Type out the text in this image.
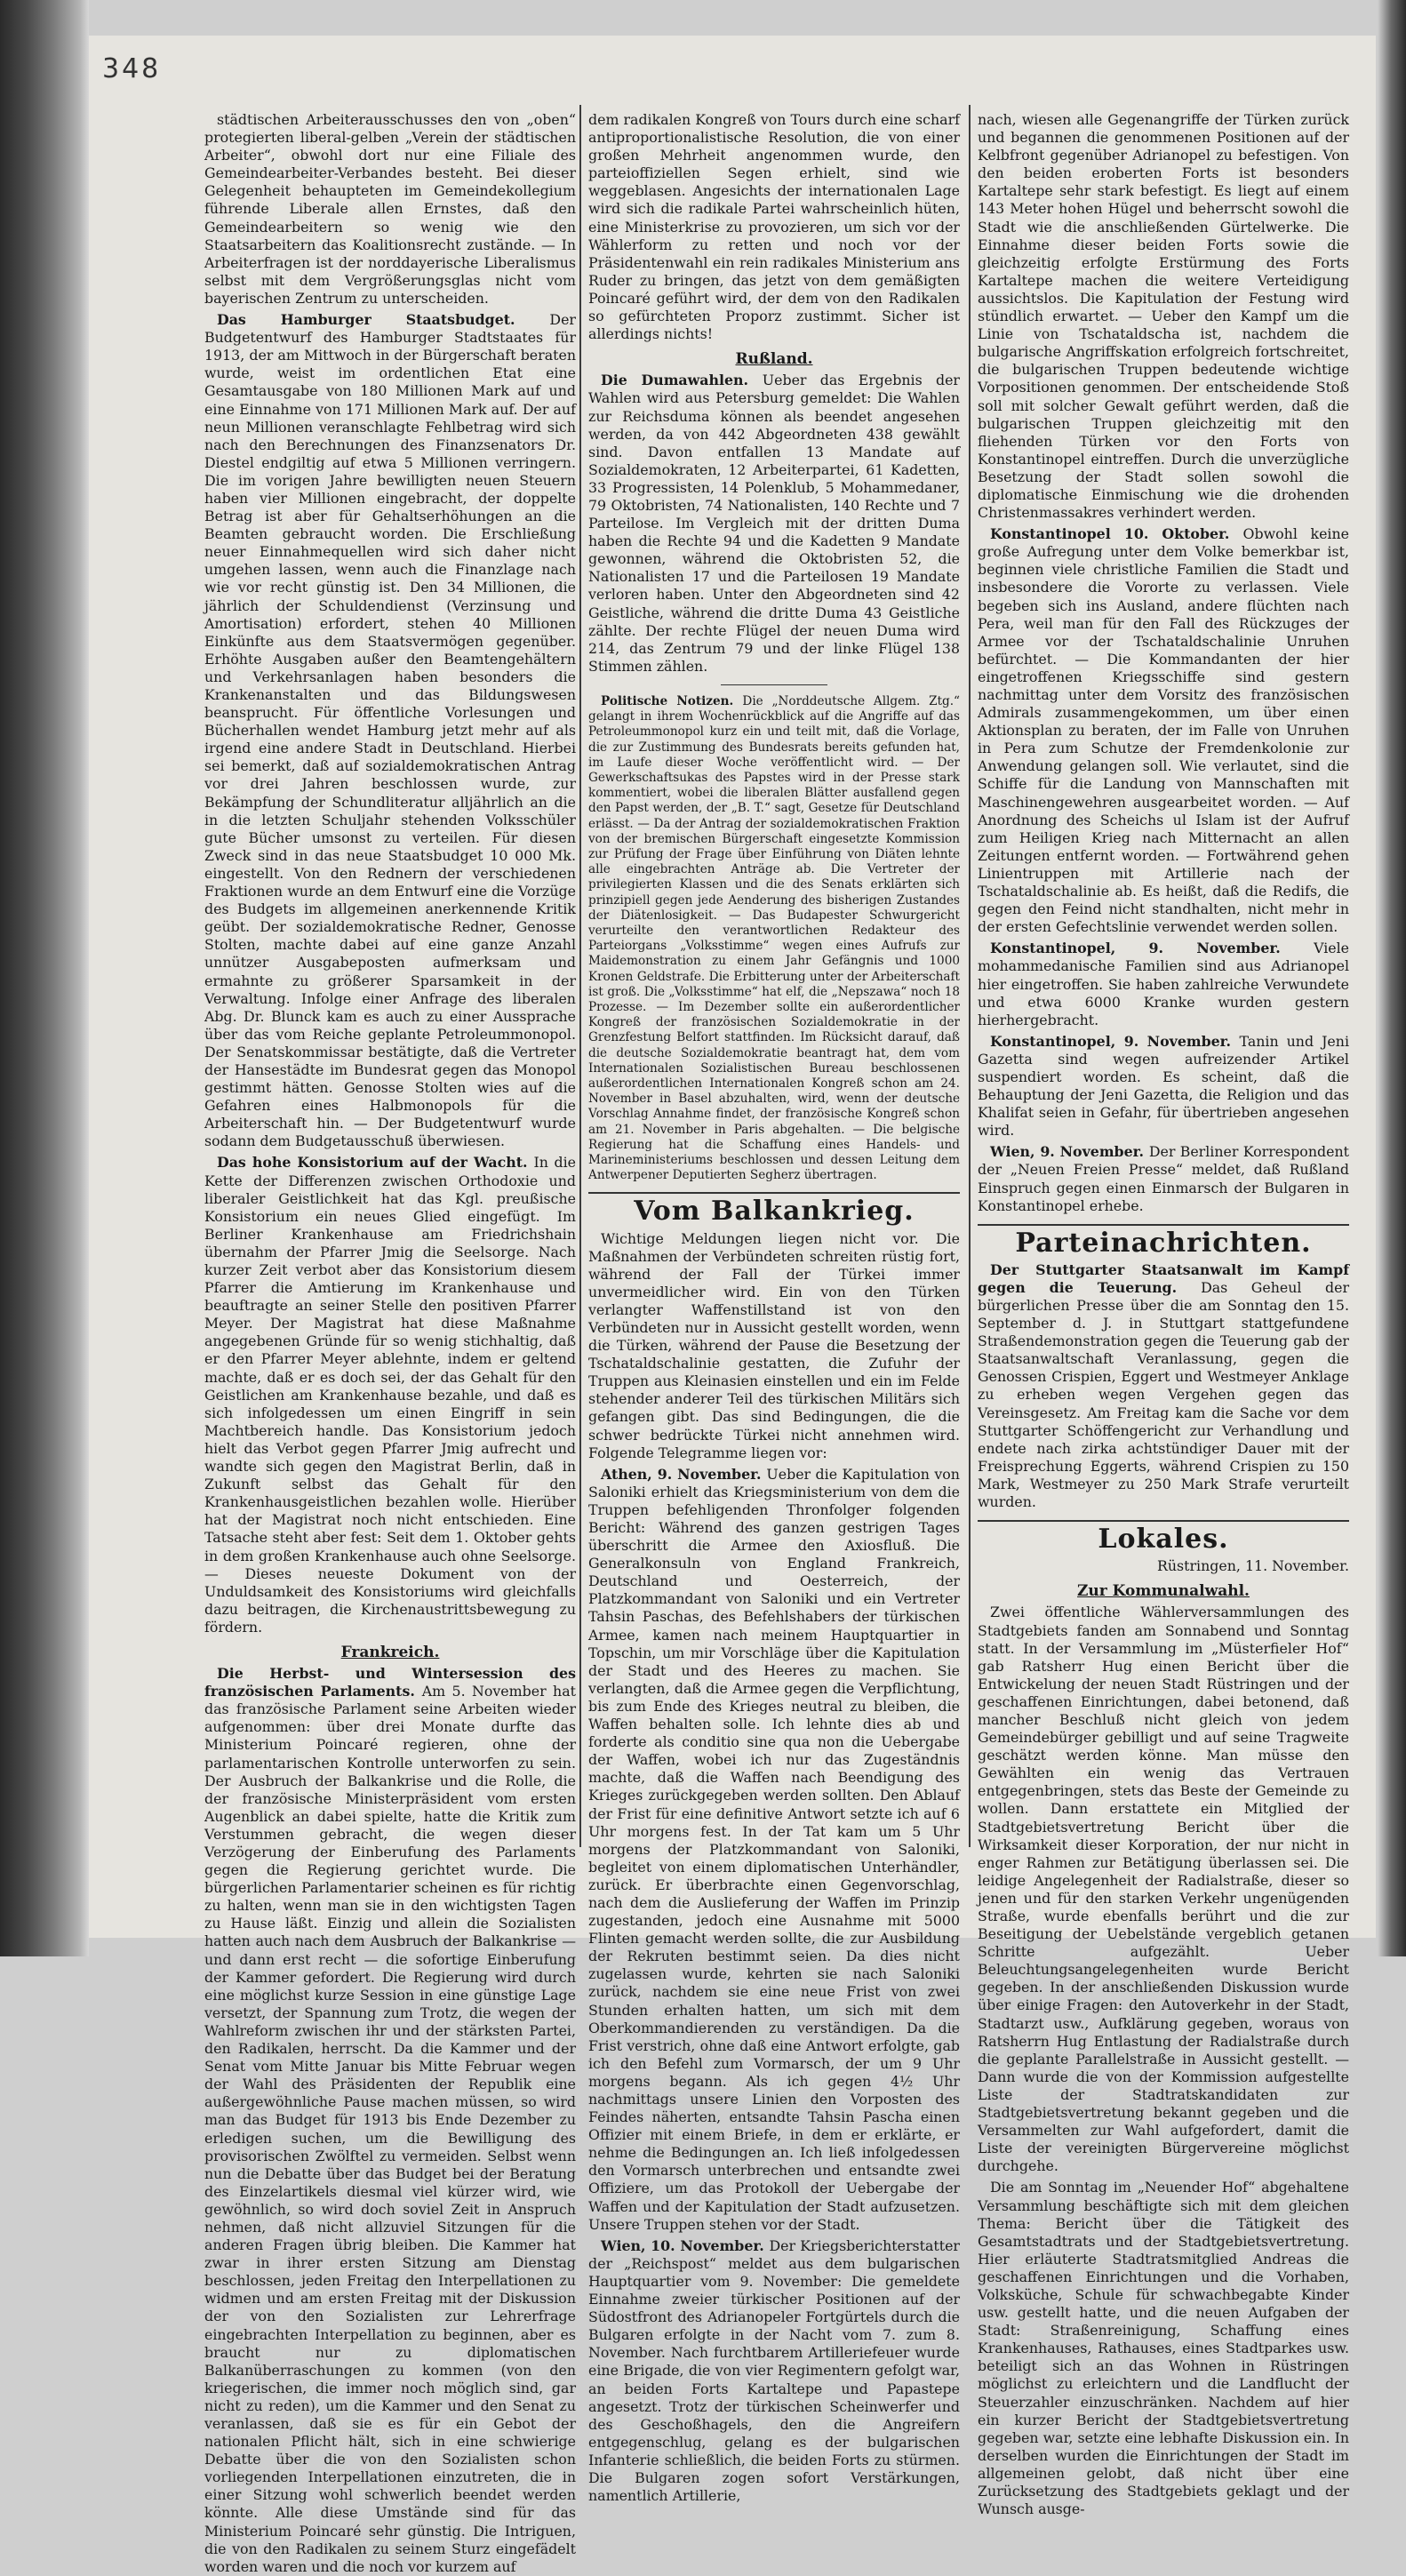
348

städtischen Arbeiterausschusses den von „oben“ protegierten liberal-gelben „Verein der städtischen Arbeiter“, obwohl dort nur eine Filiale des Gemeindearbeiter-Verbandes besteht. Bei dieser Gelegenheit behaupteten im Gemeindekollegium führende Liberale allen Ernstes, daß den Gemeindearbeitern so wenig wie den Staatsarbeitern das Koalitionsrecht zustände. — In Arbeiterfragen ist der norddayerische Liberalismus selbst mit dem Vergrößerungsglas nicht vom bayerischen Zentrum zu unterscheiden.

Das Hamburger Staatsbudget. Der Budgetentwurf des Hamburger Stadtstaates für 1913, der am Mittwoch in der Bürgerschaft beraten wurde, weist im ordentlichen Etat eine Gesamtausgabe von 180 Millionen Mark auf und eine Einnahme von 171 Millionen Mark auf. Der auf neun Millionen veranschlagte Fehlbetrag wird sich nach den Berechnungen des Finanzsenators Dr. Diestel endgiltig auf etwa 5 Millionen verringern. Die im vorigen Jahre bewilligten neuen Steuern haben vier Millionen eingebracht, der doppelte Betrag ist aber für Gehaltserhöhungen an die Beamten gebraucht worden. Die Erschließung neuer Einnahmequellen wird sich daher nicht umgehen lassen, wenn auch die Finanzlage nach wie vor recht günstig ist. Den 34 Millionen, die jährlich der Schuldendienst (Verzinsung und Amortisation) erfordert, stehen 40 Millionen Einkünfte aus dem Staatsvermögen gegenüber. Erhöhte Ausgaben außer den Beamtengehältern und Verkehrsanlagen haben besonders die Krankenanstalten und das Bildungswesen beansprucht. Für öffentliche Vorlesungen und Bücherhallen wendet Hamburg jetzt mehr auf als irgend eine andere Stadt in Deutschland. Hierbei sei bemerkt, daß auf sozialdemokratischen Antrag vor drei Jahren beschlossen wurde, zur Bekämpfung der Schundliteratur alljährlich an die in die letzten Schuljahr stehenden Volksschüler gute Bücher umsonst zu verteilen. Für diesen Zweck sind in das neue Staatsbudget 10 000 Mk. eingestellt. Von den Rednern der verschiedenen Fraktionen wurde an dem Entwurf eine die Vorzüge des Budgets im allgemeinen anerkennende Kritik geübt. Der sozialdemokratische Redner, Genosse Stolten, machte dabei auf eine ganze Anzahl unnützer Ausgabeposten aufmerksam und ermahnte zu größerer Sparsamkeit in der Verwaltung. Infolge einer Anfrage des liberalen Abg. Dr. Blunck kam es auch zu einer Aussprache über das vom Reiche geplante Petroleummonopol. Der Senatskommissar bestätigte, daß die Vertreter der Hansestädte im Bundesrat gegen das Monopol gestimmt hätten. Genosse Stolten wies auf die Gefahren eines Halbmonopols für die Arbeiterschaft hin. — Der Budgetentwurf wurde sodann dem Budgetausschuß überwiesen.

Das hohe Konsistorium auf der Wacht. In die Kette der Differenzen zwischen Orthodoxie und liberaler Geistlichkeit hat das Kgl. preußische Konsistorium ein neues Glied eingefügt. Im Berliner Krankenhause am Friedrichshain übernahm der Pfarrer Jmig die Seelsorge. Nach kurzer Zeit verbot aber das Konsistorium diesem Pfarrer die Amtierung im Krankenhause und beauftragte an seiner Stelle den positiven Pfarrer Meyer. Der Magistrat hat diese Maßnahme angegebenen Gründe für so wenig stichhaltig, daß er den Pfarrer Meyer ablehnte, indem er geltend machte, daß er es doch sei, der das Gehalt für den Geistlichen am Krankenhause bezahle, und daß es sich infolgedessen um einen Eingriff in sein Machtbereich handle. Das Konsistorium jedoch hielt das Verbot gegen Pfarrer Jmig aufrecht und wandte sich gegen den Magistrat Berlin, daß in Zukunft selbst das Gehalt für den Krankenhausgeistlichen bezahlen wolle. Hierüber hat der Magistrat noch nicht entschieden. Eine Tatsache steht aber fest: Seit dem 1. Oktober gehts in dem großen Krankenhause auch ohne Seelsorge. — Dieses neueste Dokument von der Unduldsamkeit des Konsistoriums wird gleichfalls dazu beitragen, die Kirchenaustrittsbewegung zu fördern.

Frankreich.

Die Herbst- und Wintersession des französischen Parlaments. Am 5. November hat das französische Parlament seine Arbeiten wieder aufgenommen: über drei Monate durfte das Ministerium Poincaré regieren, ohne der parlamentarischen Kontrolle unterworfen zu sein. Der Ausbruch der Balkankrise und die Rolle, die der französische Ministerpräsident vom ersten Augenblick an dabei spielte, hatte die Kritik zum Verstummen gebracht, die wegen dieser Verzögerung der Einberufung des Parlaments gegen die Regierung gerichtet wurde. Die bürgerlichen Parlamentarier scheinen es für richtig zu halten, wenn man sie in den wichtigsten Tagen zu Hause läßt. Einzig und allein die Sozialisten hatten auch nach dem Ausbruch der Balkankrise — und dann erst recht — die sofortige Einberufung der Kammer gefordert. Die Regierung wird durch eine möglichst kurze Session in eine günstige Lage versetzt, der Spannung zum Trotz, die wegen der Wahlreform zwischen ihr und der stärksten Partei, den Radikalen, herrscht. Da die Kammer und der Senat vom Mitte Januar bis Mitte Februar wegen der Wahl des Präsidenten der Republik eine außergewöhnliche Pause machen müssen, so wird man das Budget für 1913 bis Ende Dezember zu erledigen suchen, um die Bewilligung des provisorischen Zwölftel zu vermeiden. Selbst wenn nun die Debatte über das Budget bei der Beratung des Einzelartikels diesmal viel kürzer wird, wie gewöhnlich, so wird doch soviel Zeit in Anspruch nehmen, daß nicht allzuviel Sitzungen für die anderen Fragen übrig bleiben. Die Kammer hat zwar in ihrer ersten Sitzung am Dienstag beschlossen, jeden Freitag den Interpellationen zu widmen und am ersten Freitag mit der Diskussion der von den Sozialisten zur Lehrerfrage eingebrachten Interpellation zu beginnen, aber es braucht nur zu diplomatischen Balkanüberraschungen zu kommen (von den kriegerischen, die immer noch möglich sind, gar nicht zu reden), um die Kammer und den Senat zu veranlassen, daß sie es für ein Gebot der nationalen Pflicht hält, sich in eine schwierige Debatte über die von den Sozialisten schon vorliegenden Interpellationen einzutreten, die in einer Sitzung wohl schwerlich beendet werden könnte. Alle diese Umstände sind für das Ministerium Poincaré sehr günstig. Die Intriguen, die von den Radikalen zu seinem Sturz eingefädelt worden waren und die noch vor kurzem auf

dem radikalen Kongreß von Tours durch eine scharf antiproportionalistische Resolution, die von einer großen Mehrheit angenommen wurde, den parteioffiziellen Segen erhielt, sind wie weggeblasen. Angesichts der internationalen Lage wird sich die radikale Partei wahrscheinlich hüten, eine Ministerkrise zu provozieren, um sich vor der Wählerform zu retten und noch vor der Präsidentenwahl ein rein radikales Ministerium ans Ruder zu bringen, das jetzt von dem gemäßigten Poincaré geführt wird, der dem von den Radikalen so gefürchteten Proporz zustimmt. Sicher ist allerdings nichts!

Rußland.

Die Dumawahlen. Ueber das Ergebnis der Wahlen wird aus Petersburg gemeldet: Die Wahlen zur Reichsduma können als beendet angesehen werden, da von 442 Abgeordneten 438 gewählt sind. Davon entfallen 13 Mandate auf Sozialdemokraten, 12 Arbeiterpartei, 61 Kadetten, 33 Progressisten, 14 Polenklub, 5 Mohammedaner, 79 Oktobristen, 74 Nationalisten, 140 Rechte und 7 Parteilose. Im Vergleich mit der dritten Duma haben die Rechte 94 und die Kadetten 9 Mandate gewonnen, während die Oktobristen 52, die Nationalisten 17 und die Parteilosen 19 Mandate verloren haben. Unter den Abgeordneten sind 42 Geistliche, während die dritte Duma 43 Geistliche zählte. Der rechte Flügel der neuen Duma wird 214, das Zentrum 79 und der linke Flügel 138 Stimmen zählen.

Politische Notizen. Die „Norddeutsche Allgem. Ztg.“ gelangt in ihrem Wochenrückblick auf die Angriffe auf das Petroleummonopol kurz ein und teilt mit, daß die Vorlage, die zur Zustimmung des Bundesrats bereits gefunden hat, im Laufe dieser Woche veröffentlicht wird. — Der Gewerkschaftsukas des Papstes wird in der Presse stark kommentiert, wobei die liberalen Blätter ausfallend gegen den Papst werden, der „B. T.“ sagt, Gesetze für Deutschland erlässt. — Da der Antrag der sozialdemokratischen Fraktion von der bremischen Bürgerschaft eingesetzte Kommission zur Prüfung der Frage über Einführung von Diäten lehnte alle eingebrachten Anträge ab. Die Vertreter der privilegierten Klassen und die des Senats erklärten sich prinzipiell gegen jede Aenderung des bisherigen Zustandes der Diätenlosigkeit. — Das Budapester Schwurgericht verurteilte den verantwortlichen Redakteur des Parteiorgans „Volksstimme“ wegen eines Aufrufs zur Maidemonstration zu einem Jahr Gefängnis und 1000 Kronen Geldstrafe. Die Erbitterung unter der Arbeiterschaft ist groß. Die „Volksstimme“ hat elf, die „Nepszawa“ noch 18 Prozesse. — Im Dezember sollte ein außerordentlicher Kongreß der französischen Sozialdemokratie in der Grenzfestung Belfort stattfinden. Im Rücksicht darauf, daß die deutsche Sozialdemokratie beantragt hat, dem vom Internationalen Sozialistischen Bureau beschlossenen außerordentlichen Internationalen Kongreß schon am 24. November in Basel abzuhalten, wird, wenn der deutsche Vorschlag Annahme findet, der französische Kongreß schon am 21. November in Paris abgehalten. — Die belgische Regierung hat die Schaffung eines Handels- und Marineministeriums beschlossen und dessen Leitung dem Antwerpener Deputierten Segherz übertragen.

Vom Balkankrieg.

Wichtige Meldungen liegen nicht vor. Die Maßnahmen der Verbündeten schreiten rüstig fort, während der Fall der Türkei immer unvermeidlicher wird. Ein von den Türken verlangter Waffenstillstand ist von den Verbündeten nur in Aussicht gestellt worden, wenn die Türken, während der Pause die Besetzung der Tschataldschalinie gestatten, die Zufuhr der Truppen aus Kleinasien einstellen und ein im Felde stehender anderer Teil des türkischen Militärs sich gefangen gibt. Das sind Bedingungen, die die schwer bedrückte Türkei nicht annehmen wird. Folgende Telegramme liegen vor:

Athen, 9. November. Ueber die Kapitulation von Saloniki erhielt das Kriegsministerium von dem die Truppen befehligenden Thronfolger folgenden Bericht: Während des ganzen gestrigen Tages überschritt die Armee den Axiosfluß. Die Generalkonsuln von England Frankreich, Deutschland und Oesterreich, der Platzkommandant von Saloniki und ein Vertreter Tahsin Paschas, des Befehlshabers der türkischen Armee, kamen nach meinem Hauptquartier in Topschin, um mir Vorschläge über die Kapitulation der Stadt und des Heeres zu machen. Sie verlangten, daß die Armee gegen die Verpflichtung, bis zum Ende des Krieges neutral zu bleiben, die Waffen behalten solle. Ich lehnte dies ab und forderte als conditio sine qua non die Uebergabe der Waffen, wobei ich nur das Zugeständnis machte, daß die Waffen nach Beendigung des Krieges zurückgegeben werden sollten. Den Ablauf der Frist für eine definitive Antwort setzte ich auf 6 Uhr morgens fest. In der Tat kam um 5 Uhr morgens der Platzkommandant von Saloniki, begleitet von einem diplomatischen Unterhändler, zurück. Er überbrachte einen Gegenvorschlag, nach dem die Auslieferung der Waffen im Prinzip zugestanden, jedoch eine Ausnahme mit 5000 Flinten gemacht werden sollte, die zur Ausbildung der Rekruten bestimmt seien. Da dies nicht zugelassen wurde, kehrten sie nach Saloniki zurück, nachdem sie eine neue Frist von zwei Stunden erhalten hatten, um sich mit dem Oberkommandierenden zu verständigen. Da die Frist verstrich, ohne daß eine Antwort erfolgte, gab ich den Befehl zum Vormarsch, der um 9 Uhr morgens begann. Als ich gegen 4½ Uhr nachmittags unsere Linien den Vorposten des Feindes näherten, entsandte Tahsin Pascha einen Offizier mit einem Briefe, in dem er erklärte, er nehme die Bedingungen an. Ich ließ infolgedessen den Vormarsch unterbrechen und entsandte zwei Offiziere, um das Protokoll der Uebergabe der Waffen und der Kapitulation der Stadt aufzusetzen. Unsere Truppen stehen vor der Stadt.

Wien, 10. November. Der Kriegsberichterstatter der „Reichspost“ meldet aus dem bulgarischen Hauptquartier vom 9. November: Die gemeldete Einnahme zweier türkischer Positionen auf der Südostfront des Adrianopeler Fortgürtels durch die Bulgaren erfolgte in der Nacht vom 7. zum 8. November. Nach furchtbarem Artilleriefeuer wurde eine Brigade, die von vier Regimentern gefolgt war, an beiden Forts Kartaltepe und Papastepe angesetzt. Trotz der türkischen Scheinwerfer und des Geschoßhagels, den die Angreifern entgegenschlug, gelang es der bulgarischen Infanterie schließlich, die beiden Forts zu stürmen. Die Bulgaren zogen sofort Verstärkungen, namentlich Artillerie,

nach, wiesen alle Gegenangriffe der Türken zurück und begannen die genommenen Positionen auf der Kelbfront gegenüber Adrianopel zu befestigen. Von den beiden eroberten Forts ist besonders Kartaltepe sehr stark befestigt. Es liegt auf einem 143 Meter hohen Hügel und beherrscht sowohl die Stadt wie die anschließenden Gürtelwerke. Die Einnahme dieser beiden Forts sowie die gleichzeitig erfolgte Erstürmung des Forts Kartaltepe machen die weitere Verteidigung aussichtslos. Die Kapitulation der Festung wird stündlich erwartet. — Ueber den Kampf um die Linie von Tschataldscha ist, nachdem die bulgarische Angriffskation erfolgreich fortschreitet, die bulgarischen Truppen bedeutende wichtige Vorpositionen genommen. Der entscheidende Stoß soll mit solcher Gewalt geführt werden, daß die bulgarischen Truppen gleichzeitig mit den fliehenden Türken vor den Forts von Konstantinopel eintreffen. Durch die unverzügliche Besetzung der Stadt sollen sowohl die diplomatische Einmischung wie die drohenden Christenmassakres verhindert werden.

Konstantinopel 10. Oktober. Obwohl keine große Aufregung unter dem Volke bemerkbar ist, beginnen viele christliche Familien die Stadt und insbesondere die Vororte zu verlassen. Viele begeben sich ins Ausland, andere flüchten nach Pera, weil man für den Fall des Rückzuges der Armee vor der Tschataldschalinie Unruhen befürchtet. — Die Kommandanten der hier eingetroffenen Kriegsschiffe sind gestern nachmittag unter dem Vorsitz des französischen Admirals zusammengekommen, um über einen Aktionsplan zu beraten, der im Falle von Unruhen in Pera zum Schutze der Fremdenkolonie zur Anwendung gelangen soll. Wie verlautet, sind die Schiffe für die Landung von Mannschaften mit Maschinengewehren ausgearbeitet worden. — Auf Anordnung des Scheichs ul Islam ist der Aufruf zum Heiligen Krieg nach Mitternacht an allen Zeitungen entfernt worden. — Fortwährend gehen Linientruppen mit Artillerie nach der Tschataldschalinie ab. Es heißt, daß die Redifs, die gegen den Feind nicht standhalten, nicht mehr in der ersten Gefechtslinie verwendet werden sollen.

Konstantinopel, 9. November. Viele mohammedanische Familien sind aus Adrianopel hier eingetroffen. Sie haben zahlreiche Verwundete und etwa 6000 Kranke wurden gestern hierhergebracht.

Konstantinopel, 9. November. Tanin und Jeni Gazetta sind wegen aufreizender Artikel suspendiert worden. Es scheint, daß die Behauptung der Jeni Gazetta, die Religion und das Khalifat seien in Gefahr, für übertrieben angesehen wird.

Wien, 9. November. Der Berliner Korrespondent der „Neuen Freien Presse“ meldet, daß Rußland Einspruch gegen einen Einmarsch der Bulgaren in Konstantinopel erhebe.

Parteinachrichten.

Der Stuttgarter Staatsanwalt im Kampf gegen die Teuerung. Das Geheul der bürgerlichen Presse über die am Sonntag den 15. September d. J. in Stuttgart stattgefundene Straßendemonstration gegen die Teuerung gab der Staatsanwaltschaft Veranlassung, gegen die Genossen Crispien, Eggert und Westmeyer Anklage zu erheben wegen Vergehen gegen das Vereinsgesetz. Am Freitag kam die Sache vor dem Stuttgarter Schöffengericht zur Verhandlung und endete nach zirka achtstündiger Dauer mit der Freisprechung Eggerts, während Crispien zu 150 Mark, Westmeyer zu 250 Mark Strafe verurteilt wurden.

Lokales.
Rüstringen, 11. November.
Zur Kommunalwahl.

Zwei öffentliche Wählerversammlungen des Stadtgebiets fanden am Sonnabend und Sonntag statt. In der Versammlung im „Müsterfieler Hof“ gab Ratsherr Hug einen Bericht über die Entwickelung der neuen Stadt Rüstringen und der geschaffenen Einrichtungen, dabei betonend, daß mancher Beschluß nicht gleich von jedem Gemeindebürger gebilligt und auf seine Tragweite geschätzt werden könne. Man müsse den Gewählten ein wenig das Vertrauen entgegenbringen, stets das Beste der Gemeinde zu wollen. Dann erstattete ein Mitglied der Stadtgebietsvertretung Bericht über die Wirksamkeit dieser Korporation, der nur nicht in enger Rahmen zur Betätigung überlassen sei. Die leidige Angelegenheit der Radialstraße, dieser so jenen und für den starken Verkehr ungenügenden Straße, wurde ebenfalls berührt und die zur Beseitigung der Uebelstände vergeblich getanen Schritte aufgezählt. Ueber Beleuchtungsangelegenheiten wurde Bericht gegeben. In der anschließenden Diskussion wurde über einige Fragen: den Autoverkehr in der Stadt, Stadtarzt usw., Aufklärung gegeben, woraus von Ratsherrn Hug Entlastung der Radialstraße durch die geplante Parallelstraße in Aussicht gestellt. — Dann wurde die von der Kommission aufgestellte Liste der Stadtratskandidaten zur Stadtgebietsvertretung bekannt gegeben und die Versammelten zur Wahl aufgefordert, damit die Liste der vereinigten Bürgervereine möglichst durchgehe.

Die am Sonntag im „Neuender Hof“ abgehaltene Versammlung beschäftigte sich mit dem gleichen Thema: Bericht über die Tätigkeit des Gesamtstadtrats und der Stadtgebietsvertretung. Hier erläuterte Stadtratsmitglied Andreas die geschaffenen Einrichtungen und die Vorhaben, Volksküche, Schule für schwachbegabte Kinder usw. gestellt hatte, und die neuen Aufgaben der Stadt: Straßenreinigung, Schaffung eines Krankenhauses, Rathauses, eines Stadtparkes usw. beteiligt sich an das Wohnen in Rüstringen möglichst zu erleichtern und die Landflucht der Steuerzahler einzuschränken. Nachdem auf hier ein kurzer Bericht der Stadtgebietsvertretung gegeben war, setzte eine lebhafte Diskussion ein. In derselben wurden die Einrichtungen der Stadt im allgemeinen gelobt, daß nicht über eine Zurücksetzung des Stadtgebiets geklagt und der Wunsch ausge-
